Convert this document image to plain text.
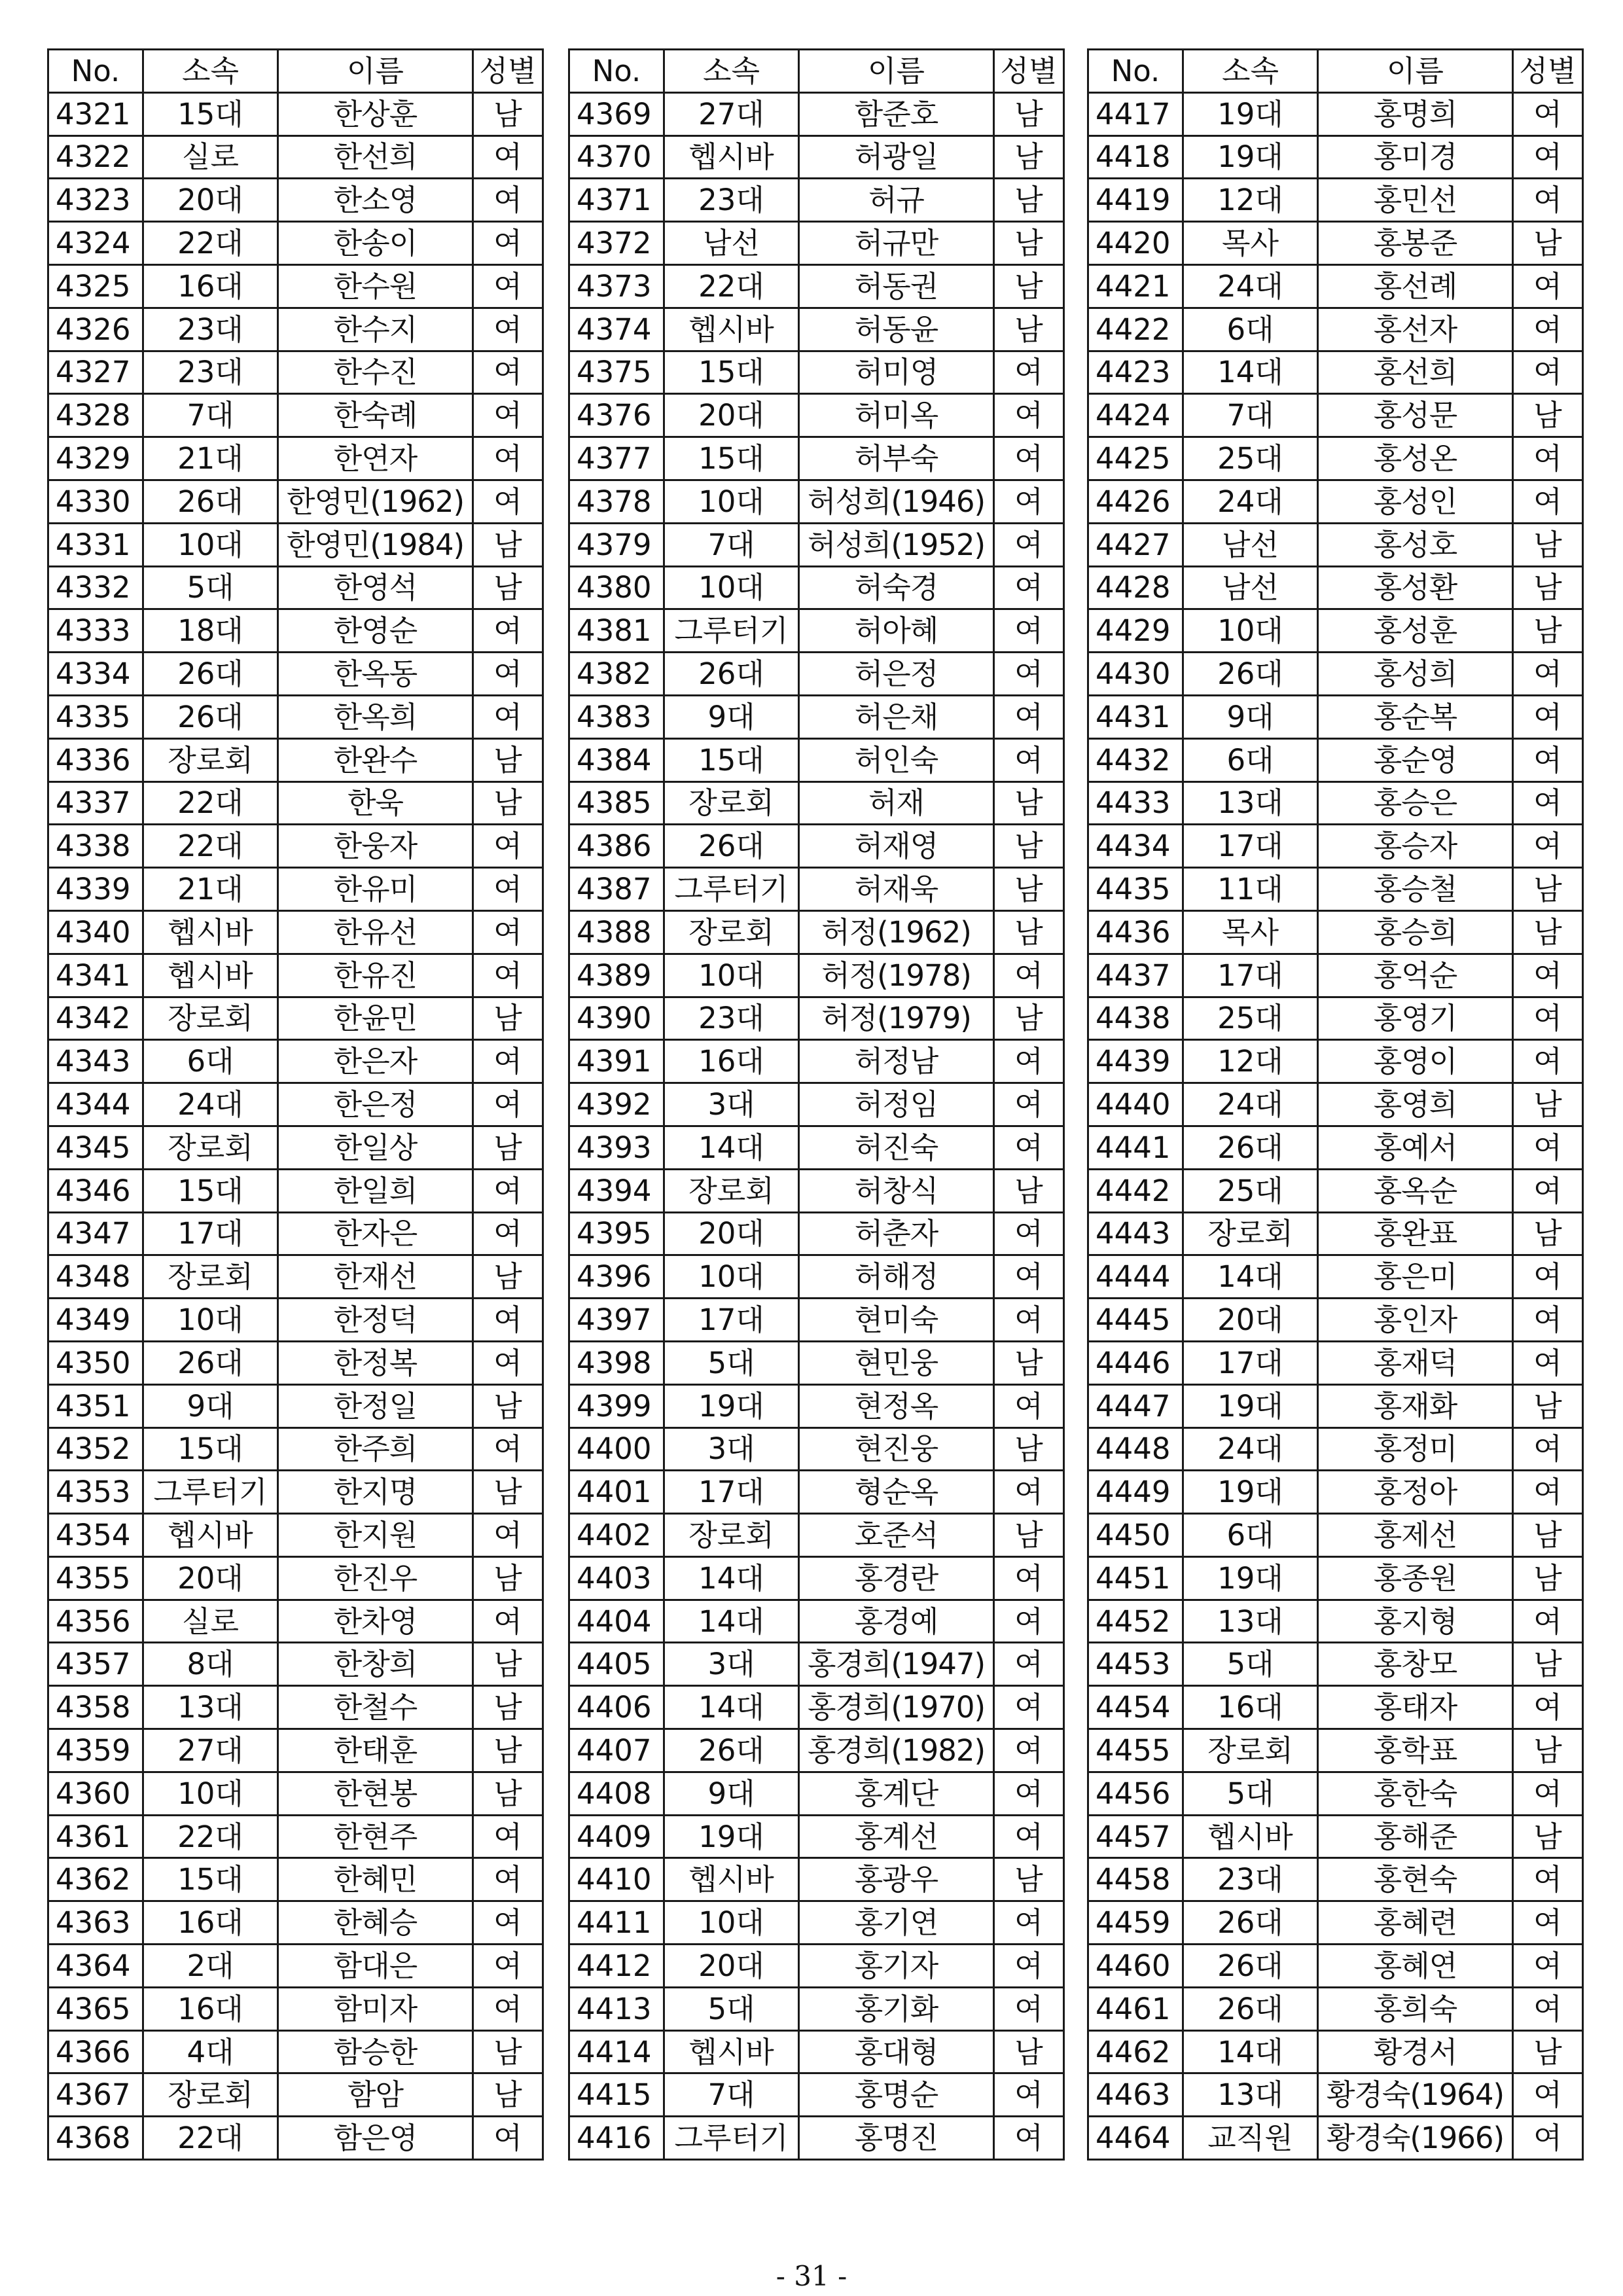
No.	소속	이름	성별
4321	15대	한상훈	남
4322	실로	한선희	여
4323	20대	한소영	여
4324	22대	한송이	여
4325	16대	한수원	여
4326	23대	한수지	여
4327	23대	한수진	여
4328	7대	한숙례	여
4329	21대	한연자	여
4330	26대	한영민(1962)	여
4331	10대	한영민(1984)	남
4332	5대	한영석	남
4333	18대	한영순	여
4334	26대	한옥동	여
4335	26대	한옥희	여
4336	장로회	한완수	남
4337	22대	한욱	남
4338	22대	한웅자	여
4339	21대	한유미	여
4340	헵시바	한유선	여
4341	헵시바	한유진	여
4342	장로회	한윤민	남
4343	6대	한은자	여
4344	24대	한은정	여
4345	장로회	한일상	남
4346	15대	한일희	여
4347	17대	한자은	여
4348	장로회	한재선	남
4349	10대	한정덕	여
4350	26대	한정복	여
4351	9대	한정일	남
4352	15대	한주희	여
4353	그루터기	한지명	남
4354	헵시바	한지원	여
4355	20대	한진우	남
4356	실로	한차영	여
4357	8대	한창희	남
4358	13대	한철수	남
4359	27대	한태훈	남
4360	10대	한현봉	남
4361	22대	한현주	여
4362	15대	한혜민	여
4363	16대	한혜승	여
4364	2대	함대은	여
4365	16대	함미자	여
4366	4대	함승한	남
4367	장로회	함암	남
4368	22대	함은영	여
No.	소속	이름	성별
4369	27대	함준호	남
4370	헵시바	허광일	남
4371	23대	허규	남
4372	남선	허규만	남
4373	22대	허동권	남
4374	헵시바	허동윤	남
4375	15대	허미영	여
4376	20대	허미옥	여
4377	15대	허부숙	여
4378	10대	허성희(1946)	여
4379	7대	허성희(1952)	여
4380	10대	허숙경	여
4381	그루터기	허아혜	여
4382	26대	허은정	여
4383	9대	허은채	여
4384	15대	허인숙	여
4385	장로회	허재	남
4386	26대	허재영	남
4387	그루터기	허재욱	남
4388	장로회	허정(1962)	남
4389	10대	허정(1978)	여
4390	23대	허정(1979)	남
4391	16대	허정남	여
4392	3대	허정임	여
4393	14대	허진숙	여
4394	장로회	허창식	남
4395	20대	허춘자	여
4396	10대	허해정	여
4397	17대	현미숙	여
4398	5대	현민웅	남
4399	19대	현정옥	여
4400	3대	현진웅	남
4401	17대	형순옥	여
4402	장로회	호준석	남
4403	14대	홍경란	여
4404	14대	홍경예	여
4405	3대	홍경희(1947)	여
4406	14대	홍경희(1970)	여
4407	26대	홍경희(1982)	여
4408	9대	홍계단	여
4409	19대	홍계선	여
4410	헵시바	홍광우	남
4411	10대	홍기연	여
4412	20대	홍기자	여
4413	5대	홍기화	여
4414	헵시바	홍대형	남
4415	7대	홍명순	여
4416	그루터기	홍명진	여
No.	소속	이름	성별
4417	19대	홍명희	여
4418	19대	홍미경	여
4419	12대	홍민선	여
4420	목사	홍봉준	남
4421	24대	홍선례	여
4422	6대	홍선자	여
4423	14대	홍선희	여
4424	7대	홍성문	남
4425	25대	홍성온	여
4426	24대	홍성인	여
4427	남선	홍성호	남
4428	남선	홍성환	남
4429	10대	홍성훈	남
4430	26대	홍성희	여
4431	9대	홍순복	여
4432	6대	홍순영	여
4433	13대	홍승은	여
4434	17대	홍승자	여
4435	11대	홍승철	남
4436	목사	홍승희	남
4437	17대	홍억순	여
4438	25대	홍영기	여
4439	12대	홍영이	여
4440	24대	홍영희	남
4441	26대	홍예서	여
4442	25대	홍옥순	여
4443	장로회	홍완표	남
4444	14대	홍은미	여
4445	20대	홍인자	여
4446	17대	홍재덕	여
4447	19대	홍재화	남
4448	24대	홍정미	여
4449	19대	홍정아	여
4450	6대	홍제선	남
4451	19대	홍종원	남
4452	13대	홍지형	여
4453	5대	홍창모	남
4454	16대	홍태자	여
4455	장로회	홍학표	남
4456	5대	홍한숙	여
4457	헵시바	홍해준	남
4458	23대	홍현숙	여
4459	26대	홍혜련	여
4460	26대	홍혜연	여
4461	26대	홍희숙	여
4462	14대	황경서	남
4463	13대	황경숙(1964)	여
4464	교직원	황경숙(1966)	여
- 31 -
